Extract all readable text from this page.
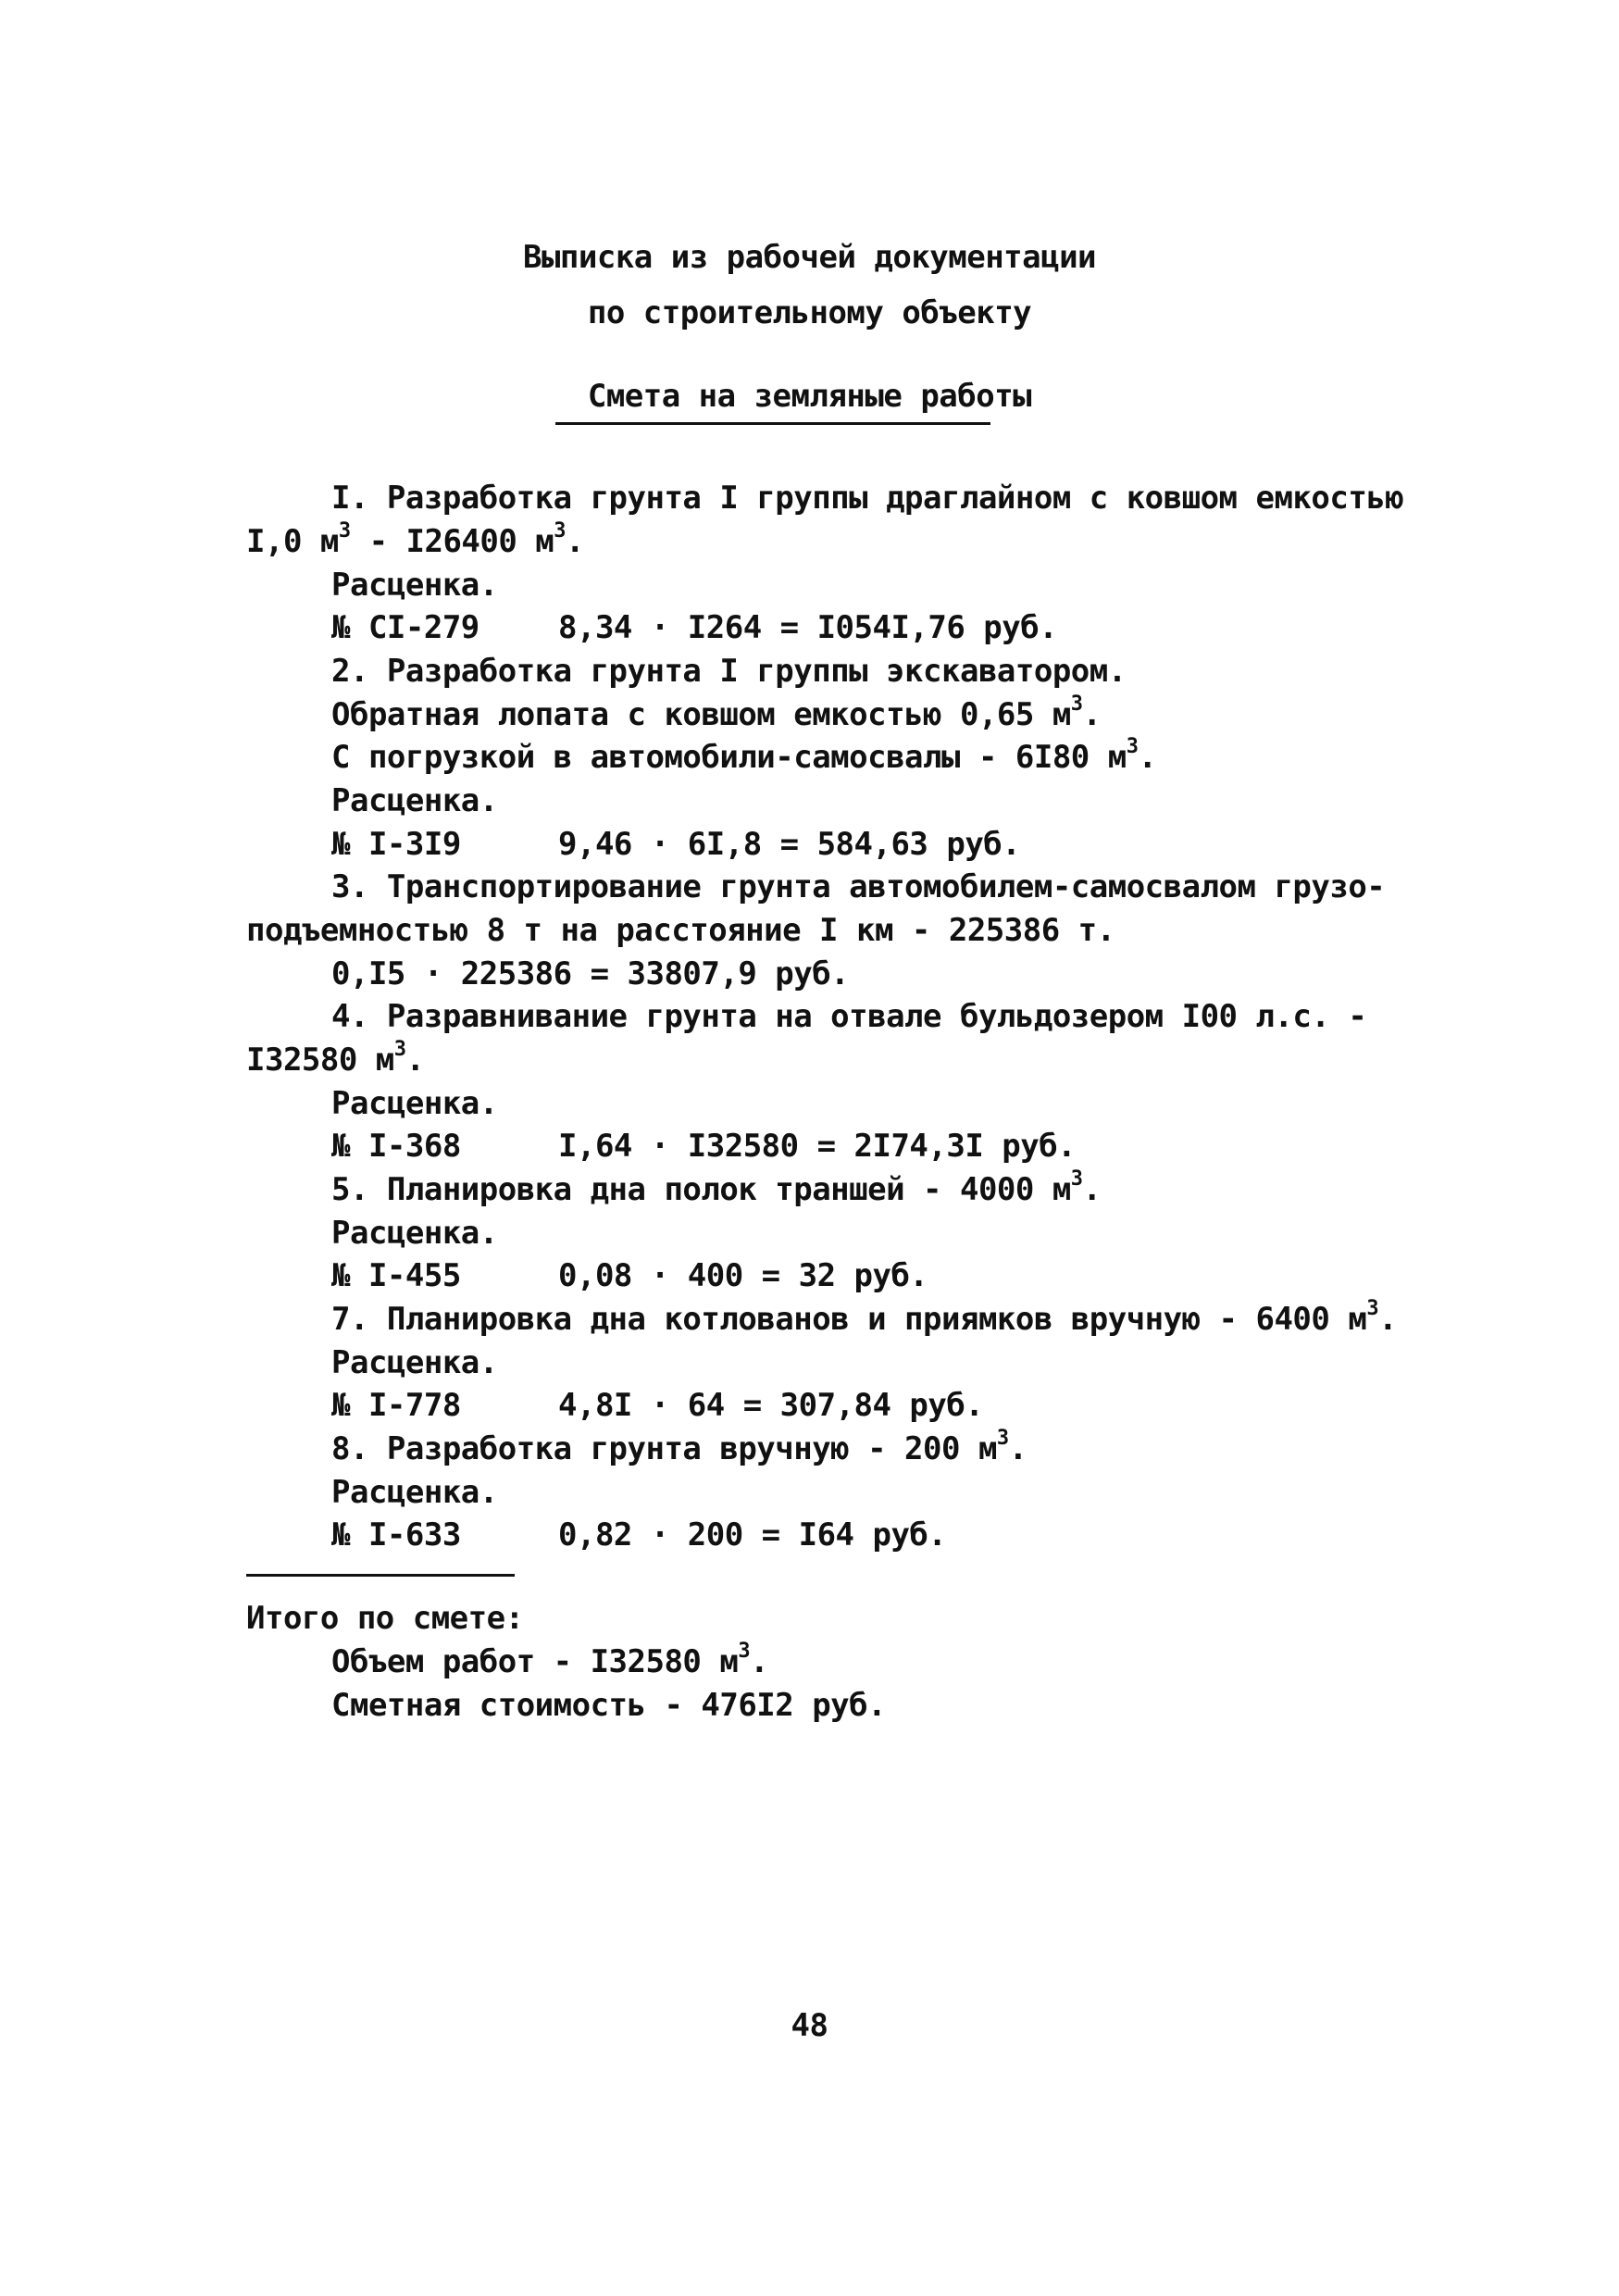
Выписка из рабочей документации
по строительному объекту
Смета на земляные работы
I. Разработка грунта I группы драглайном с ковшом емкостью
I,0 $м^3 - I26400$ $м^3$.
Расценка.
№ CI-279	8,34 · I264 = I054I,76 руб.
2. Разработка грунта I группы экскаватором.
Обратная лопата с ковшом емкостью 0,65 $м^3$.
С погрузкой в автомобили-самосвалы - 6I80 $м^3$.
Расценка.
№ I-3I9	9,46 · 6I,8 = 584,63 руб.
3. Транспортирование грунта автомобилем-самосвалом грузо-
подъемностью 8 т на расстояние I км - 225386 т.
0,I5 · 225386 = 33807,9 руб.
4. Разравнивание грунта на отвале бульдозером I00 л.с. -
I32580 $м^3$.
Расценка.
№ I-368	I,64 · I32580 = 2I74,3I руб.
5. Планировка дна полок траншей - 4000 $м^3$.
Расценка.
№ I-455	0,08 · 400 = 32 руб.
7. Планировка дна котлованов и приямков вручную - 6400 $м^3$.
Расценка.
№ I-778	4,8I · 64 = 307,84 руб.
8. Разработка грунта вручную - 200 $м^3$.
Расценка.
№ I-633	0,82 · 200 = I64 руб.
Итого по смете:
Объем работ - I32580 $м^3$.
Сметная стоимость - 476I2 руб.
48
